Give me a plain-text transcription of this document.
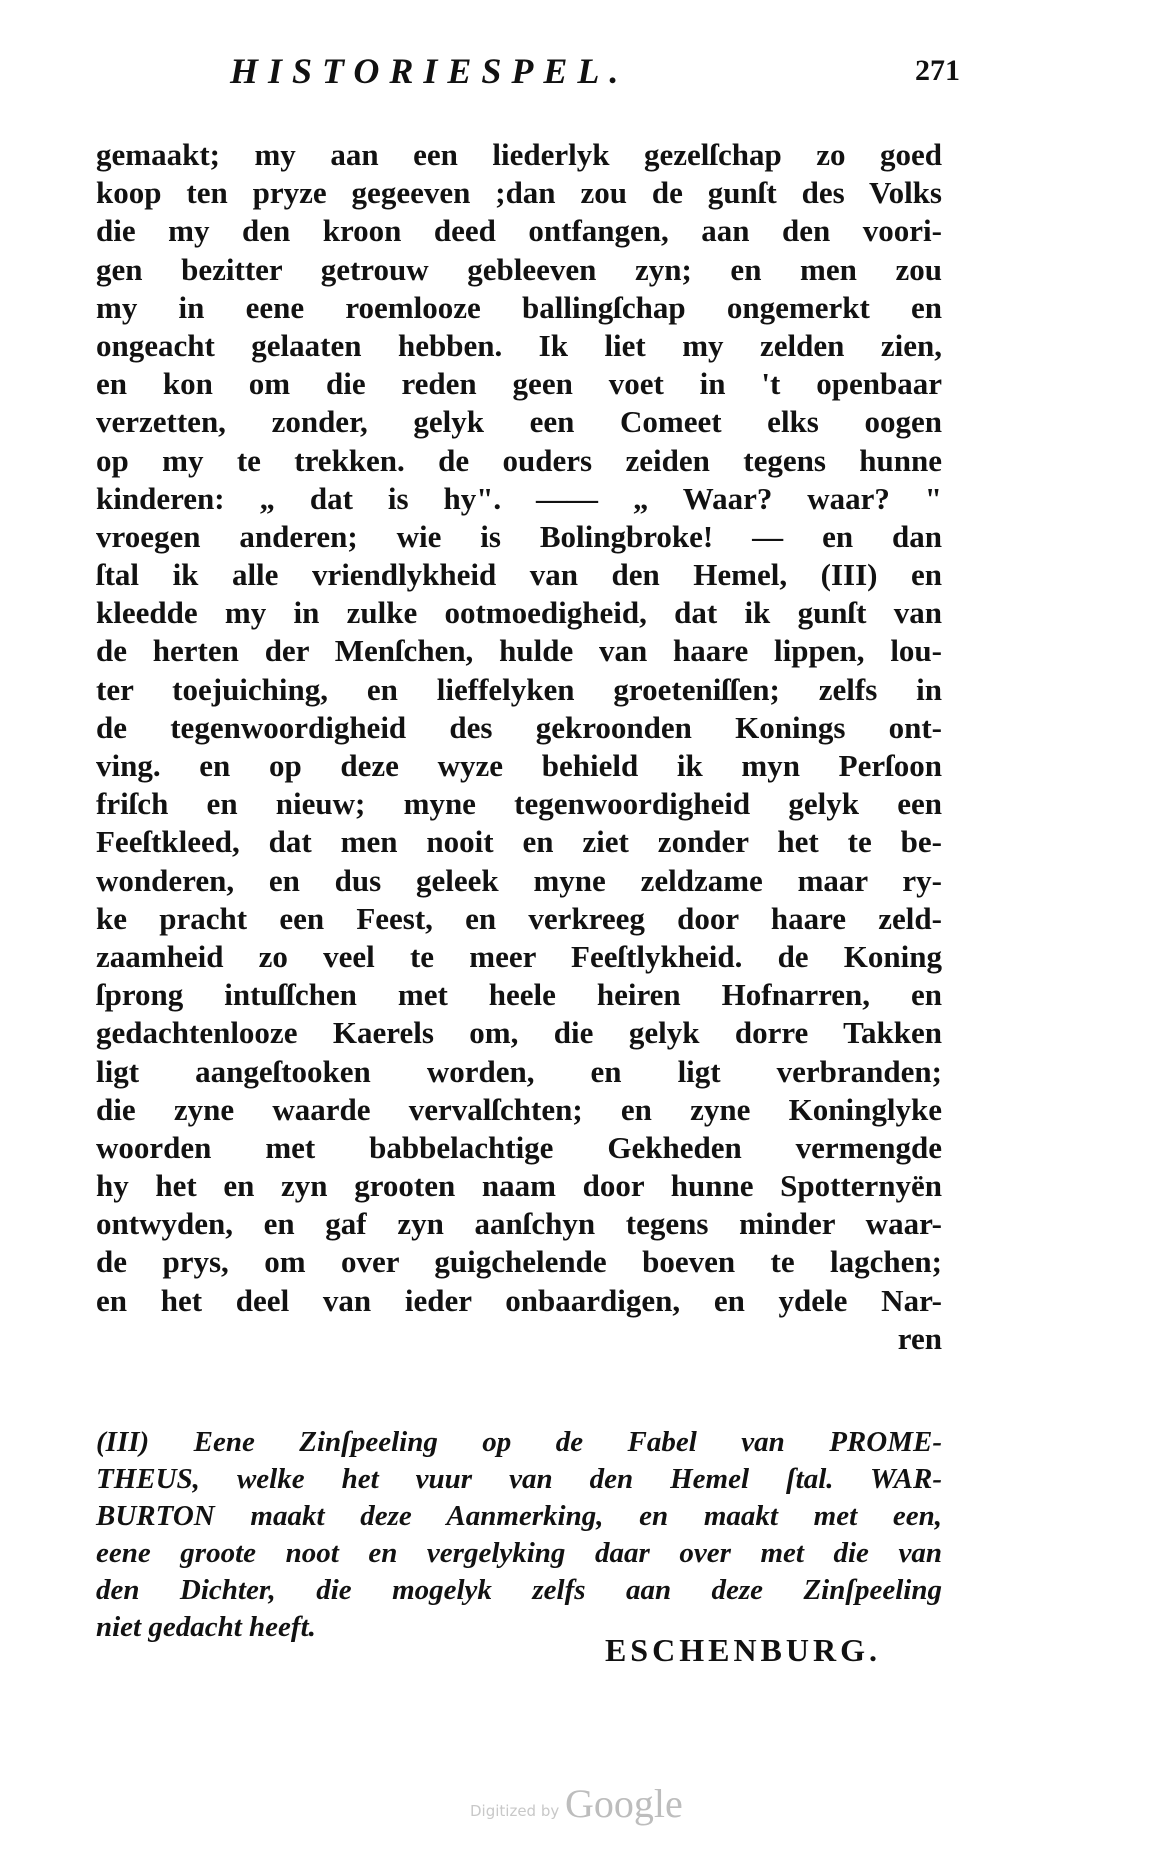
HISTORIESPEL.	271
gemaakt; my aan een liederlyk gezelſchap zo goed
koop ten pryze gegeeven ;dan zou de gunſt des Volks
die my den kroon deed ontfangen, aan den voori-
gen bezitter getrouw gebleeven zyn; en men zou
my in eene roemlooze ballingſchap ongemerkt en
ongeacht gelaaten hebben. Ik liet my zelden zien,
en kon om die reden geen voet in 't openbaar
verzetten, zonder, gelyk een Comeet elks oogen
op my te trekken. de ouders zeiden tegens hunne
kinderen: „ dat is hy". —— „ Waar? waar? "
vroegen anderen; wie is Bolingbroke! — en dan
ſtal ik alle vriendlykheid van den Hemel, (III) en
kleedde my in zulke ootmoedigheid, dat ik gunſt van
de herten der Menſchen, hulde van haare lippen, lou-
ter toejuiching, en lieffelyken groeteniſſen; zelfs in
de tegenwoordigheid des gekroonden Konings ont-
ving. en op deze wyze behield ik myn Perſoon
friſch en nieuw; myne tegenwoordigheid gelyk een
Feeſtkleed, dat men nooit en ziet zonder het te be-
wonderen, en dus geleek myne zeldzame maar ry-
ke pracht een Feest, en verkreeg door haare zeld-
zaamheid zo veel te meer Feeſtlykheid. de Koning
ſprong intuſſchen met heele heiren Hofnarren, en
gedachtenlooze Kaerels om, die gelyk dorre Takken
ligt aangeſtooken worden, en ligt verbranden;
die zyne waarde vervalſchten; en zyne Koninglyke
woorden met babbelachtige Gekheden vermengde
hy het en zyn grooten naam door hunne Spotternyën
ontwyden, en gaf zyn aanſchyn tegens minder waar-
de prys, om over guigchelende boeven te lagchen;
en het deel van ieder onbaardigen, en ydele Nar-
ren
(III) Eene Zinſpeeling op de Fabel van PROME-
THEUS, welke het vuur van den Hemel ſtal. WAR-
BURTON maakt deze Aanmerking, en maakt met een,
eene groote noot en vergelyking daar over met die van
den Dichter, die mogelyk zelfs aan deze Zinſpeeling
niet gedacht heeft.
ESCHENBURG.
Digitized by Google
